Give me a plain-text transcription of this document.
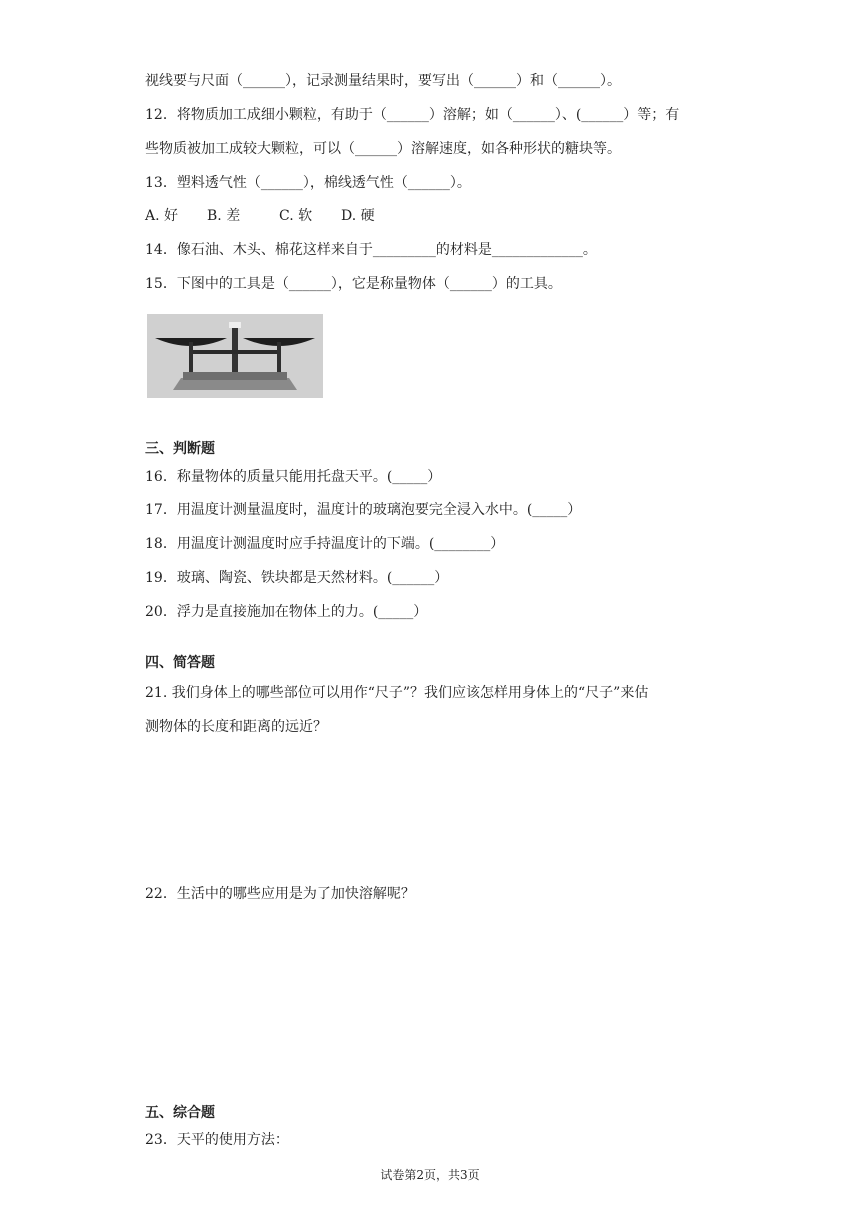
视线要与尺面（______），记录测量结果时，要写出（______）和（______）。
12．将物质加工成细小颗粒，有助于（______）溶解；如（______）、(______）等；有
些物质被加工成较大颗粒，可以（______）溶解速度，如各种形状的糖块等。
13．塑料透气性（______），棉线透气性（______）。
A. 好 B. 差	C. 软 D. 硬
14．像石油、木头、棉花这样来自于_________的材料是_____________。
15．下图中的工具是（______），它是称量物体（______）的工具。
三、判断题
16．称量物体的质量只能用托盘天平。(_____）
17．用温度计测量温度时，温度计的玻璃泡要完全浸入水中。(_____）
18．用温度计测温度时应手持温度计的下端。(________）
19．玻璃、陶瓷、铁块都是天然材料。(______）
20．浮力是直接施加在物体上的力。(_____）
四、简答题
21. 我们身体上的哪些部位可以用作“尺子”？我们应该怎样用身体上的“尺子”来估
测物体的长度和距离的远近？
22．生活中的哪些应用是为了加快溶解呢？
五、综合题
23．天平的使用方法：
试卷第2页，共3页
